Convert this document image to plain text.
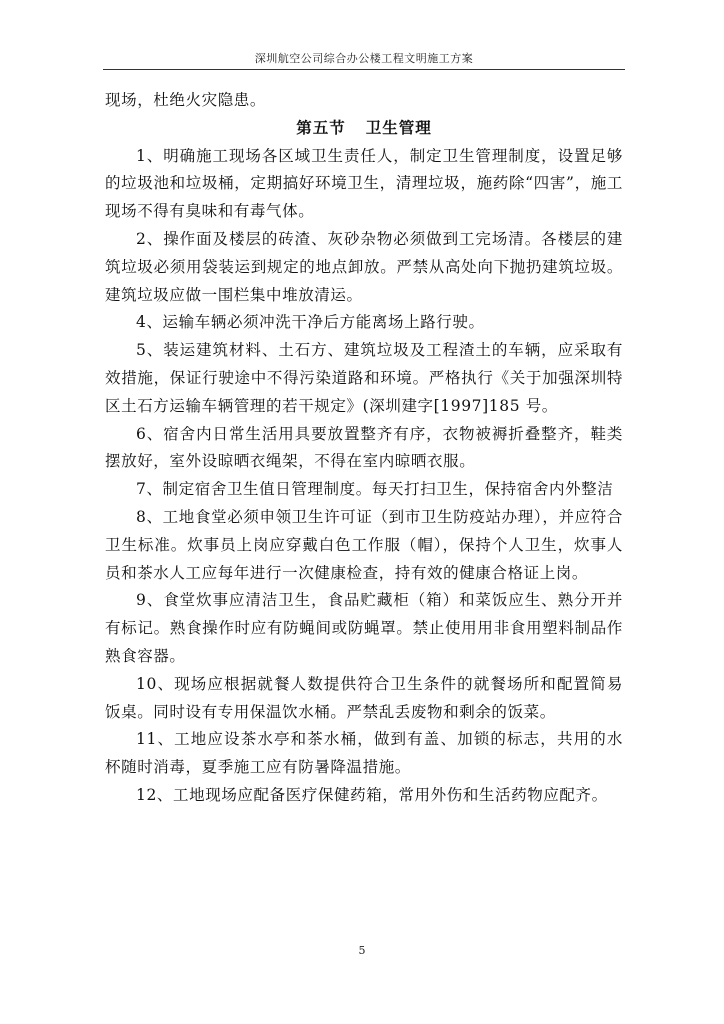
深圳航空公司综合办公楼工程文明施工方案

现场，杜绝火灾隐患。

第五节 卫生管理

1、明确施工现场各区域卫生责任人，制定卫生管理制度，设置足够的垃圾池和垃圾桶，定期搞好环境卫生，清理垃圾，施药除“四害”，施工现场不得有臭味和有毒气体。

2、操作面及楼层的砖渣、灰砂杂物必须做到工完场清。各楼层的建筑垃圾必须用袋装运到规定的地点卸放。严禁从高处向下抛扔建筑垃圾。建筑垃圾应做一围栏集中堆放清运。

4、运输车辆必须冲洗干净后方能离场上路行驶。

5、装运建筑材料、土石方、建筑垃圾及工程渣土的车辆，应采取有效措施，保证行驶途中不得污染道路和环境。严格执行《关于加强深圳特区土石方运输车辆管理的若干规定》(深圳建字[1997]185 号。

6、宿舍内日常生活用具要放置整齐有序，衣物被褥折叠整齐，鞋类摆放好，室外设晾晒衣绳架，不得在室内晾晒衣服。

7、制定宿舍卫生值日管理制度。每天打扫卫生，保持宿舍内外整洁

8、工地食堂必须申领卫生许可证（到市卫生防疫站办理），并应符合卫生标准。炊事员上岗应穿戴白色工作服（帽），保持个人卫生，炊事人员和茶水人工应每年进行一次健康检查，持有效的健康合格证上岗。

9、食堂炊事应清洁卫生，食品贮藏柜（箱）和菜饭应生、熟分开并有标记。熟食操作时应有防蝇间或防蝇罩。禁止使用用非食用塑料制品作熟食容器。

10、现场应根据就餐人数提供符合卫生条件的就餐场所和配置简易饭桌。同时设有专用保温饮水桶。严禁乱丢废物和剩余的饭菜。

11、工地应设茶水亭和茶水桶，做到有盖、加锁的标志，共用的水杯随时消毒，夏季施工应有防暑降温措施。

12、工地现场应配备医疗保健药箱，常用外伤和生活药物应配齐。

5
